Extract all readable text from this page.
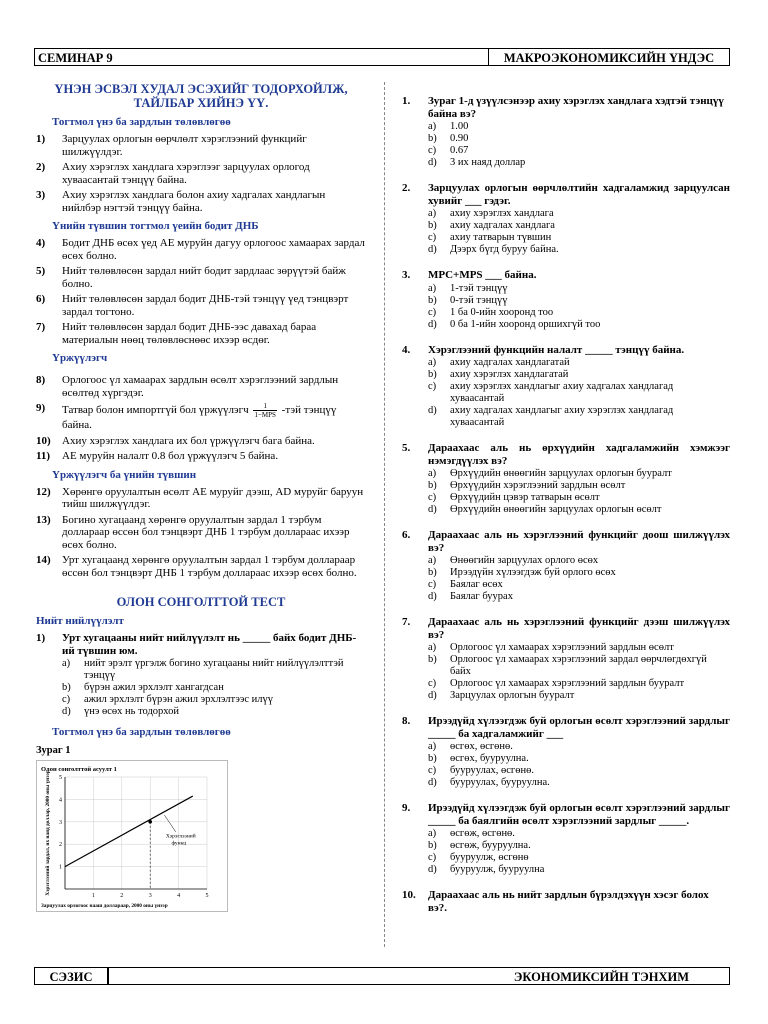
СЕМИНАР 9	МАКРОЭКОНОМИКСИЙН ҮНДЭС

ҮНЭН ЭСВЭЛ ХУДАЛ ЭСЭХИЙГ ТОДОРХОЙЛЖ, ТАЙЛБАР ХИЙНЭ ҮҮ.

Тогтмол үнэ ба зардлын төлөвлөгөө
1)	Зарцуулах орлогын өөрчлөлт хэрэглээний функцийг шилжүүлдэг.
2)	Ахиу хэрэглэх хандлага хэрэглээг зарцуулах орлогод хуваасантай тэнцүү байна.
3)	Ахиу хэрэглэх хандлага болон ахиу хадгалах хандлагын нийлбэр нэгтэй тэнцүү байна.
Үнийн түвшин тогтмол үеийн бодит ДНБ
4)	Бодит ДНБ өсөх үед AE муруйн дагуу орлогоос хамаарах зардал өсөх болно.
5)	Нийт төлөвлөсөн зардал нийт бодит зардлаас зөрүүтэй байж болно.
6)	Нийт төлөвлөсөн зардал бодит ДНБ-тэй тэнцүү үед тэнцвэрт зардал тогтоно.
7)	Нийт төлөвлөсөн зардал бодит ДНБ-ээс давахад бараа материалын нөөц төлөвлөснөөс ихээр өсдөг.
Үржүүлэгч
8)	Орлогоос үл хамаарах зардлын өсөлт хэрэглээний зардлын өсөлтөд хүргэдэг.
9)	Татвар болон импортгүй бол үржүүлэгч $\frac{1}{\text{1−MPS}} -тэй$ тэнцүү байна.
10)	Ахиу хэрэглэх хандлага их бол үржүүлэгч бага байна.
11)	AE муруйн налалт 0.8 бол үржүүлэгч 5 байна.
Үржүүлэгч ба үнийн түвшин
12)	Хөрөнгө оруулалтын өсөлт AE муруйг дээш, AD муруйг баруун тийш шилжүүлдэг.
13)	Богино хугацаанд хөрөнгө оруулалтын зардал 1 тэрбум доллараар өссөн бол тэнцвэрт ДНБ 1 тэрбум доллараас ихээр өсөх болно.
14)	Урт хугацаанд хөрөнгө оруулалтын зардал 1 тэрбум доллараар өссөн бол тэнцвэрт ДНБ 1 тэрбум доллараас ихээр өсөх болно.

ОЛОН СОНГОЛТТОЙ ТЕСТ

Нийт нийлүүлэлт
1)	Урт хугацааны нийт нийлүүлэлт нь _____ байх бодит ДНБ-ий түвшин юм.
a)	нийт эрэлт үргэлж богино хугацааны нийт нийлүүлэлттэй тэнцүү
b)	бүрэн ажил эрхлэлт хангагдсан
c)	ажил эрхлэлт бүрэн ажил эрхлэлтээс илүү
d)	үнэ өсөх нь тодорхой
Тогтмол үнэ ба зардлын төлөвлөгөө
Зураг 1
Олон сонголттой асуулт 1
1	2	3	4	5
1
2
3
4
5
Хэрэглээний
функц
Зарцуулах орлогоос нааш доллараар, 2000 оны үнээр
Хэрэглээний зардал, их наяд доллар, 2000 оны үнээр
1.	Зураг 1-д үзүүлсэнээр ахиу хэрэглэх хандлага хэдтэй тэнцүү байна вэ?
a)	1.00
b)	0.90
c)	0.67
d)	3 их наяд доллар
2.	Зарцуулах орлогын өөрчлөлтийн хадгаламжид зарцуулсан хувийг ___ гэдэг.
a)	ахиу хэрэглэх хандлага
b)	ахиу хадгалах хандлага
c)	ахиу татварын түвшин
d)	Дээрх бүгд буруу байна.
3.	MPC+MPS ___ байна.
a)	1-тэй тэнцүү
b)	0-тэй тэнцүү
c)	1 ба 0-ийн хооронд тоо
d)	0 ба 1-ийн хооронд оршихгүй тоо
4.	Хэрэглээний функцийн налалт _____ тэнцүү байна.
a)	ахиу хадгалах хандлагатай
b)	ахиу хэрэглэх хандлагатай
c)	ахиу хэрэглэх хандлагыг ахиу хадгалах хандлагад хуваасантай
d)	ахиу хадгалах хандлагыг ахиу хэрэглэх хандлагад хуваасантай
5.	Дараахаас аль нь өрхүүдийн хадгаламжийн хэмжээг нэмэгдүүлэх вэ?
a)	Өрхүүдийн өнөөгийн зарцуулах орлогын бууралт
b)	Өрхүүдийн хэрэглээний зардлын өсөлт
c)	Өрхүүдийн цэвэр татварын өсөлт
d)	Өрхүүдийн өнөөгийн зарцуулах орлогын өсөлт
6.	Дараахаас аль нь хэрэглээний функцийг доош шилжүүлэх вэ?
a)	Өнөөгийн зарцуулах орлого өсөх
b)	Ирээдүйн хүлээгдэж буй орлого өсөх
c)	Баялаг өсөх
d)	Баялаг буурах
7.	Дараахаас аль нь хэрэглээний функцийг дээш шилжүүлэх вэ?
a)	Орлогоос үл хамаарах хэрэглээний зардлын өсөлт
b)	Орлогоос үл хамаарах хэрэглээний зардал өөрчлөгдөхгүй байх
c)	Орлогоос үл хамаарах хэрэглээний зардлын бууралт
d)	Зарцуулах орлогын бууралт
8.	Ирээдүйд хүлээгдэж буй орлогын өсөлт хэрэглээний зардлыг _____ ба хадгаламжийг ___
a)	өсгөх, өсгөнө.
b)	өсгөх, бууруулна.
c)	бууруулах, өсгөнө.
d)	бууруулах, бууруулна.
9.	Ирээдүйд хүлээгдэж буй орлогын өсөлт хэрэглээний зардлыг _____ ба баялгийн өсөлт хэрэглээний зардлыг _____.
a)	өсгөж, өсгөнө.
b)	өсгөж, бууруулна.
c)	бууруулж, өсгөнө
d)	бууруулж, бууруулна
10.	Дараахаас аль нь нийт зардлын бүрэлдэхүүн хэсэг болох вэ?.
СЭЗИС	ЭКОНОМИКСИЙН ТЭНХИМ
